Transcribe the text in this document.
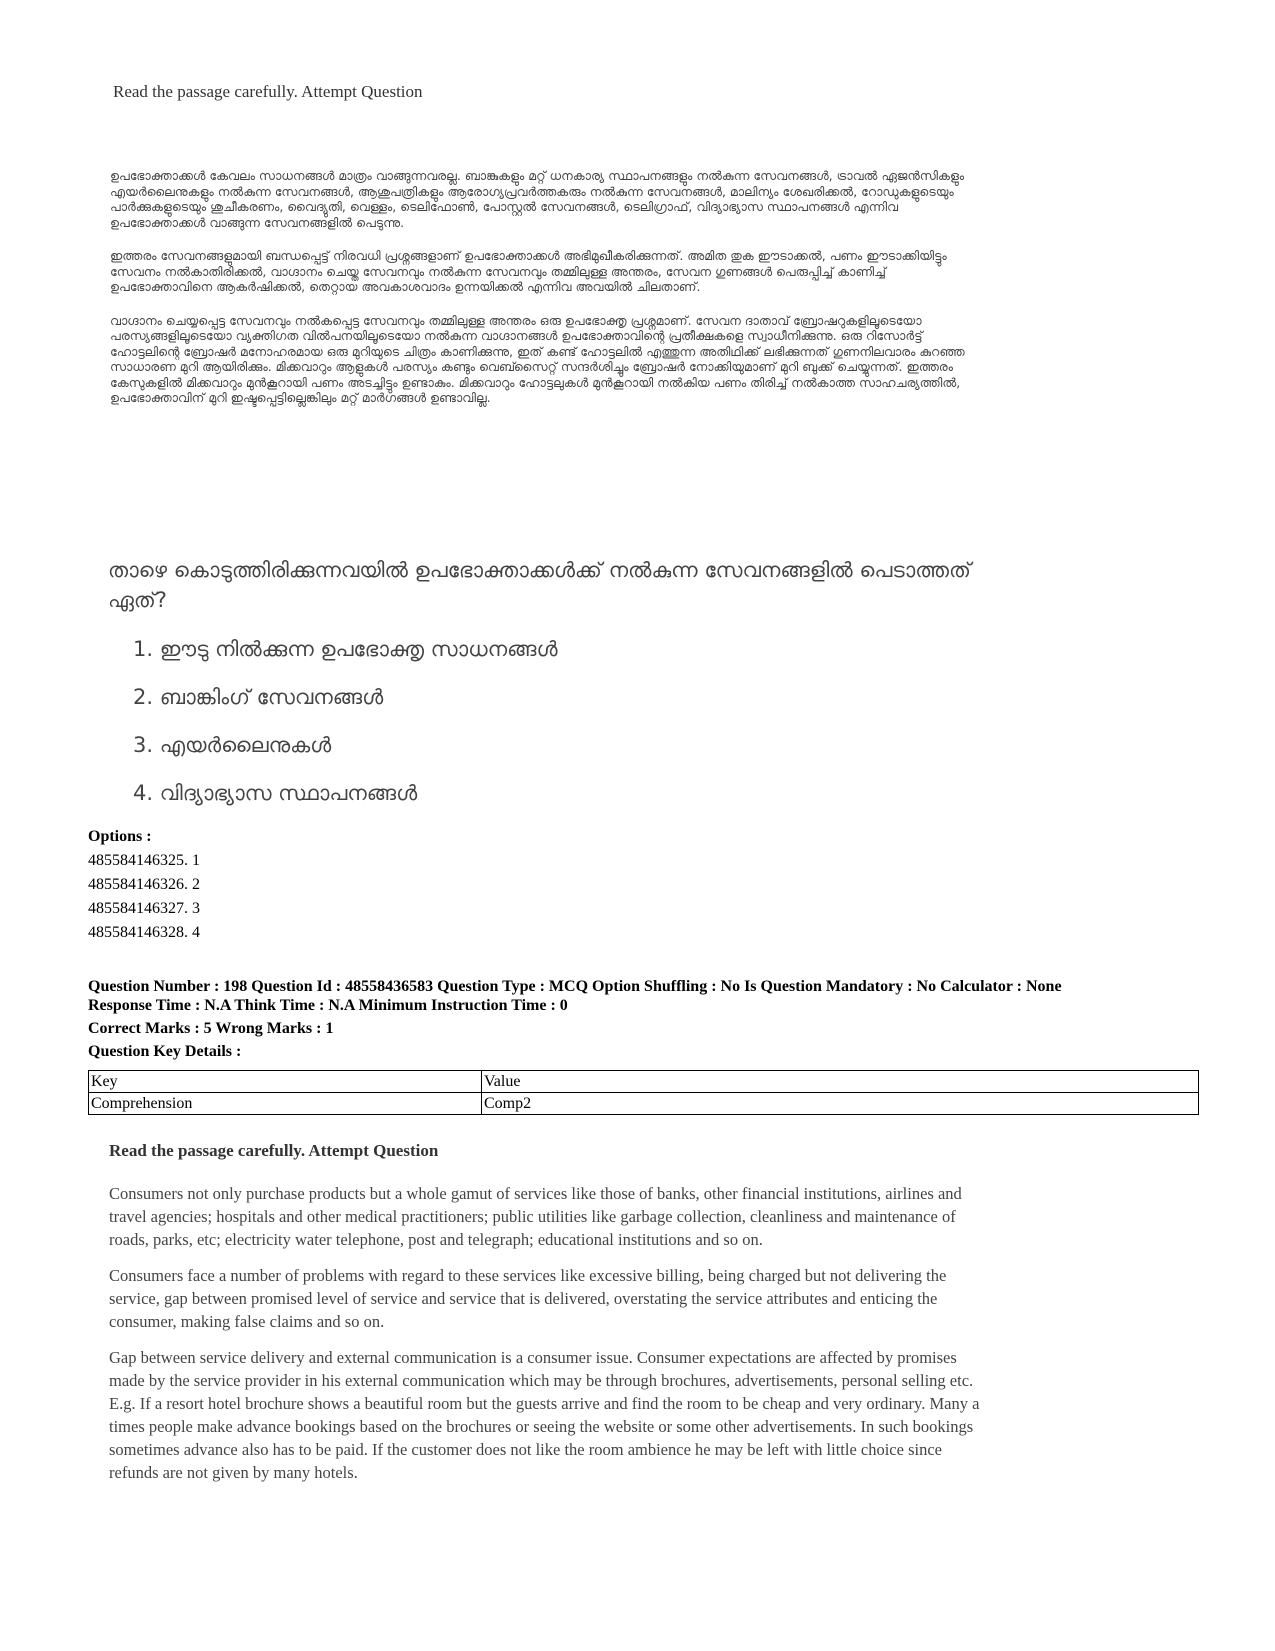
Read the passage carefully. Attempt Question

ഉപഭോക്താക്കൾ കേവലം സാധനങ്ങൾ മാത്രം വാങ്ങുന്നവരല്ല. ബാങ്കുകളും മറ്റ് ധനകാര്യ സ്ഥാപനങ്ങളും നൽകുന്ന സേവനങ്ങൾ, ട്രാവൽ ഏജൻസികളും എയർലൈനുകളും നൽകുന്ന സേവനങ്ങൾ, ആശുപത്രികളും ആരോഗ്യപ്രവർത്തകരും നൽകുന്ന സേവനങ്ങൾ, മാലിന്യം ശേഖരിക്കൽ, റോഡുകളുടെയും പാർക്കുകളുടെയും ശുചീകരണം, വൈദ്യുതി, വെള്ളം, ടെലിഫോൺ, പോസ്റ്റൽ സേവനങ്ങൾ, ടെലിഗ്രാഫ്, വിദ്യാഭ്യാസ സ്ഥാപനങ്ങൾ എന്നിവ ഉപഭോക്താക്കൾ വാങ്ങുന്ന സേവനങ്ങളിൽ പെടുന്നു.

ഇത്തരം സേവനങ്ങളുമായി ബന്ധപ്പെട്ട് നിരവധി പ്രശ്നങ്ങളാണ് ഉപഭോക്താക്കൾ അഭിമുഖീകരിക്കുന്നത്. അമിത തുക ഈടാക്കൽ, പണം ഈടാക്കിയിട്ടും സേവനം നൽകാതിരിക്കൽ, വാഗ്ദാനം ചെയ്ത സേവനവും നൽകുന്ന സേവനവും തമ്മിലുള്ള അന്തരം, സേവന ഗുണങ്ങൾ പെരുപ്പിച്ച് കാണിച്ച് ഉപഭോക്താവിനെ ആകർഷിക്കൽ, തെറ്റായ അവകാശവാദം ഉന്നയിക്കൽ എന്നിവ അവയിൽ ചിലതാണ്.

വാഗ്ദാനം ചെയ്യപ്പെട്ട സേവനവും നൽകപ്പെട്ട സേവനവും തമ്മിലുള്ള അന്തരം ഒരു ഉപഭോക്തൃ പ്രശ്നമാണ്. സേവന ദാതാവ് ബ്രോഷറുകളിലൂടെയോ പരസ്യങ്ങളിലൂടെയോ വ്യക്തിഗത വിൽപനയിലൂടെയോ നൽകുന്ന വാഗ്ദാനങ്ങൾ ഉപഭോക്താവിന്റെ പ്രതീക്ഷകളെ സ്വാധീനിക്കുന്നു. ഒരു റിസോർട്ട് ഹോട്ടലിന്റെ ബ്രോഷർ മനോഹരമായ ഒരു മുറിയുടെ ചിത്രം കാണിക്കുന്നു, ഇത് കണ്ട് ഹോട്ടലിൽ എത്തുന്ന അതിഥിക്ക് ലഭിക്കുന്നത് ഗുണനിലവാരം കുറഞ്ഞ സാധാരണ മുറി ആയിരിക്കും. മിക്കവാറും ആളുകൾ പരസ്യം കണ്ടും വെബ്സൈറ്റ് സന്ദർശിച്ചും ബ്രോഷർ നോക്കിയുമാണ് മുറി ബുക്ക് ചെയ്യുന്നത്. ഇത്തരം കേസുകളിൽ മിക്കവാറും മുൻകൂറായി പണം അടച്ചിട്ടും ഉണ്ടാകും. മിക്കവാറും ഹോട്ടലുകൾ മുൻകൂറായി നൽകിയ പണം തിരിച്ച് നൽകാത്ത സാഹചര്യത്തിൽ, ഉപഭോക്താവിന് മുറി ഇഷ്ടപ്പെട്ടില്ലെങ്കിലും മറ്റ് മാർഗങ്ങൾ ഉണ്ടാവില്ല.

താഴെ കൊടുത്തിരിക്കുന്നവയിൽ ഉപഭോക്താക്കൾക്ക് നൽകുന്ന സേവനങ്ങളിൽ പെടാത്തത് ഏത്?
1. ഈടു നിൽക്കുന്ന ഉപഭോക്തൃ സാധനങ്ങൾ
2. ബാങ്കിംഗ് സേവനങ്ങൾ
3. എയർലൈനുകൾ
4. വിദ്യാഭ്യാസ സ്ഥാപനങ്ങൾ
Options :
485584146325. 1
485584146326. 2
485584146327. 3
485584146328. 4
Question Number : 198 Question Id : 48558436583 Question Type : MCQ Option Shuffling : No Is Question Mandatory : No Calculator : None
Response Time : N.A Think Time : N.A Minimum Instruction Time : 0
Correct Marks : 5 Wrong Marks : 1
Question Key Details :
Key	Value
Comprehension	Comp2
Read the passage carefully. Attempt Question

Consumers not only purchase products but a whole gamut of services like those of banks, other financial institutions, airlines and travel agencies; hospitals and other medical practitioners; public utilities like garbage collection, cleanliness and maintenance of roads, parks, etc; electricity water telephone, post and telegraph; educational institutions and so on.

Consumers face a number of problems with regard to these services like excessive billing, being charged but not delivering the service, gap between promised level of service and service that is delivered, overstating the service attributes and enticing the consumer, making false claims and so on.

Gap between service delivery and external communication is a consumer issue. Consumer expectations are affected by promises made by the service provider in his external communication which may be through brochures, advertisements, personal selling etc. E.g. If a resort hotel brochure shows a beautiful room but the guests arrive and find the room to be cheap and very ordinary. Many a times people make advance bookings based on the brochures or seeing the website or some other advertisements. In such bookings sometimes advance also has to be paid. If the customer does not like the room ambience he may be left with little choice since refunds are not given by many hotels.
